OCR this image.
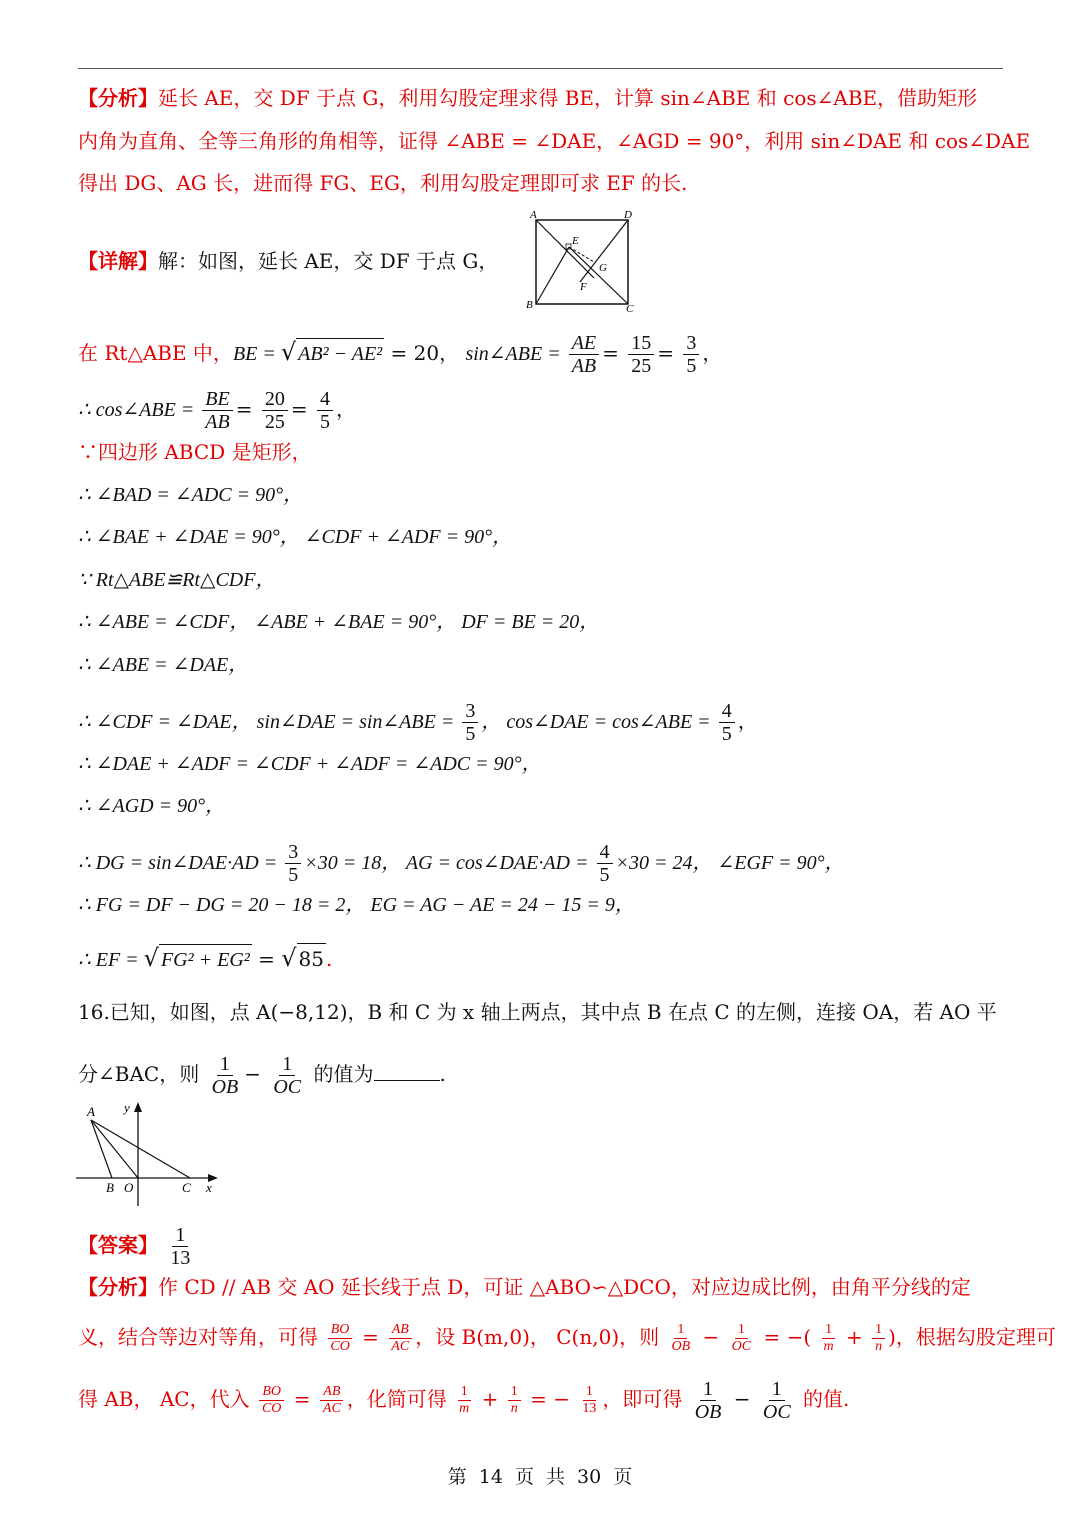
【分析】延长 AE，交 DF 于点 G，利用勾股定理求得 BE，计算 sin∠ABE 和 cos∠ABE，借助矩形
内角为直角、全等三角形的角相等，证得 ∠ABE = ∠DAE，∠AGD = 90°，利用 sin∠DAE 和 cos∠DAE
得出 DG、AG 长，进而得 FG、EG，利用勾股定理即可求 EF 的长.
【详解】解：如图，延长 AE，交 DF 于点 G，
A	D
E
G
F
B	C
在 Rt△ABE 中，BE = √ AB² − AE² = 20， sin∠ABE = $\frac{AE}{AB} = \frac{15}{25} = \frac{3}{5}$ ，
∴ cos∠ABE = $\frac{BE}{AB} = \frac{20}{25} = \frac{4}{5}$ ，
∵四边形 ABCD 是矩形，
∴ ∠BAD = ∠ADC = 90°，
∴ ∠BAE + ∠DAE = 90°， ∠CDF + ∠ADF = 90°，
∵ Rt△ABE≌Rt△CDF，
∴ ∠ABE = ∠CDF， ∠ABE + ∠BAE = 90°， DF = BE = 20，
∴ ∠ABE = ∠DAE，
∴ ∠CDF = ∠DAE， sin∠DAE = sin∠ABE = $\frac{3}{5}$ ， cos∠DAE = cos∠ABE = $\frac{4}{5}$ ，
∴ ∠DAE + ∠ADF = ∠CDF + ∠ADF = ∠ADC = 90°，
∴ ∠AGD = 90°，
∴ DG = sin∠DAE·AD = $\frac{3}{5} \times 30 = 18$， AG = cos∠DAE·AD = $\frac{4}{5} \times 30 = 24$， ∠EGF = 90°，
∴ FG = DF − DG = 20 − 18 = 2， EG = AG − AE = 24 − 15 = 9，
∴ EF = √ FG² + EG² = √ 85 .
16.已知，如图，点 A(−8,12)，B 和 C 为 x 轴上两点，其中点 B 在点 C 的左侧，连接 OA，若 AO 平
分∠BAC，则 $\frac{1}{OB} - \frac{1}{OC}$ 的值为	.
A y
B O	C x
【答案】 $\frac{1}{13}$
【分析】作 CD // AB 交 AO 延长线于点 D，可证 △ABO∽△DCO，对应边成比例，由角平分线的定
义，结合等边对等角，可得 $\frac{BO}{CO} = \frac{AB}{AC}$ ，设 B(m,0)， C(n,0)，则 $\frac{1}{OB} - \frac{1}{OC}$ = −( $\frac{1}{m} + \frac{1}{n}$ )，根据勾股定理可
得 AB， AC，代入 $\frac{BO}{CO} = \frac{AB}{AC}$ ，化简可得 $\frac{1}{m} + \frac{1}{n}$ = − $\frac{1}{13}$ ，即可得 $\frac{1}{OB} - \frac{1}{OC}$ 的值.
第 14 页 共 30 页
